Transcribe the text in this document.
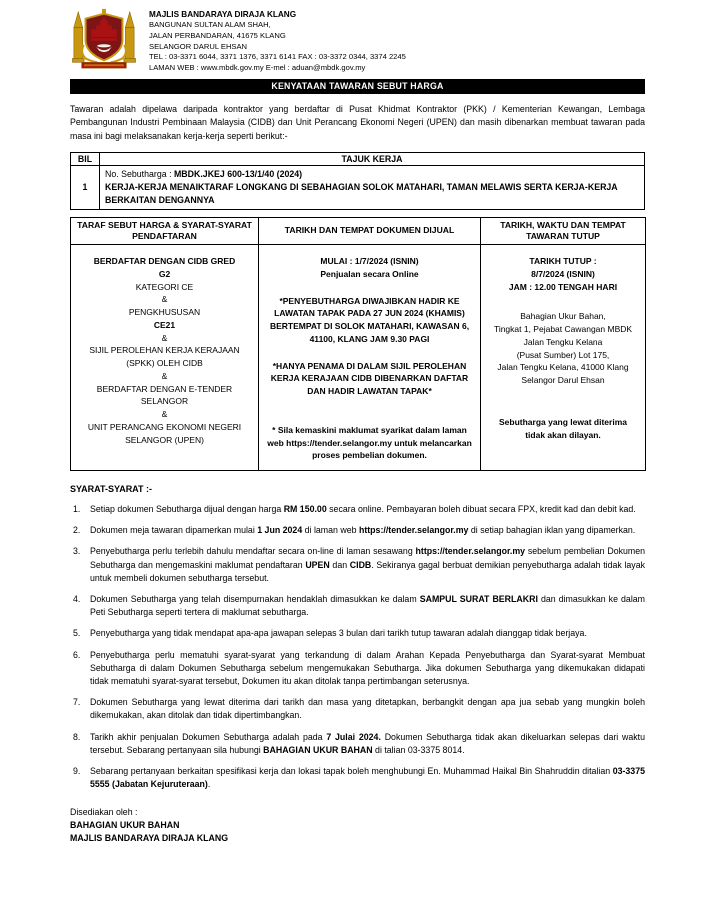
MAJLIS BANDARAYA DIRAJA KLANG
BANGUNAN SULTAN ALAM SHAH,
JALAN PERBANDARAN, 41675 KLANG
SELANGOR DARUL EHSAN
TEL : 03-3371 6044, 3371 1376, 3371 6141 FAX : 03-3372 0344, 3374 2245
LAMAN WEB : www.mbdk.gov.my E-mel : aduan@mbdk.gov.my
KENYATAAN TAWARAN SEBUT HARGA

Tawaran adalah dipelawa daripada kontraktor yang berdaftar di Pusat Khidmat Kontraktor (PKK) / Kementerian Kewangan, Lembaga Pembangunan Industri Pembinaan Malaysia (CIDB) dan Unit Perancang Ekonomi Negeri (UPEN) dan masih dibenarkan membuat tawaran pada masa ini bagi melaksanakan kerja-kerja seperti berikut:-

BIL	TAJUK KERJA
1	No. Sebutharga : MBDK.JKEJ 600-13/1/40 (2024)
KERJA-KERJA MENAIKTARAF LONGKANG DI SEBAHAGIAN SOLOK MATAHARI, TAMAN MELAWIS SERTA KERJA-KERJA BERKAITAN DENGANNYA
TARAF SEBUT HARGA & SYARAT-SYARAT PENDAFTARAN	TARIKH DAN TEMPAT DOKUMEN DIJUAL	TARIKH, WAKTU DAN TEMPAT TAWARAN TUTUP

BERDAFTAR DENGAN CIDB GRED
G2
KATEGORI CE
&
PENGKHUSUSAN
CE21
&
SIJIL PEROLEHAN KERJA KERAJAAN (SPKK) OLEH CIDB
&
BERDAFTAR DENGAN E-TENDER SELANGOR
&
UNIT PERANCANG EKONOMI NEGERI SELANGOR (UPEN)

MULAI : 1/7/2024 (ISNIN)
Penjualan secara Online
*PENYEBUTHARGA DIWAJIBKAN HADIR KE LAWATAN TAPAK PADA 27 JUN 2024 (KHAMIS) BERTEMPAT DI SOLOK MATAHARI, KAWASAN 6, 41100, KLANG JAM 9.30 PAGI
*HANYA PENAMA DI DALAM SIJIL PEROLEHAN KERJA KERAJAAN CIDB DIBENARKAN DAFTAR DAN HADIR LAWATAN TAPAK*
* Sila kemaskini maklumat syarikat dalam laman web https://tender.selangor.my untuk melancarkan proses pembelian dokumen.

TARIKH TUTUP :
8/7/2024 (ISNIN)
JAM : 12.00 TENGAH HARI
Bahagian Ukur Bahan,
Tingkat 1, Pejabat Cawangan MBDK
Jalan Tengku Kelana
(Pusat Sumber) Lot 175,
Jalan Tengku Kelana, 41000 Klang
Selangor Darul Ehsan
Sebutharga yang lewat diterima tidak akan dilayan.
SYARAT-SYARAT :-
1.	Setiap dokumen Sebutharga dijual dengan harga RM 150.00 secara online. Pembayaran boleh dibuat secara FPX, kredit kad dan debit kad.
2.	Dokumen meja tawaran dipamerkan mulai 1 Jun 2024 di laman web https://tender.selangor.my di setiap bahagian iklan yang dipamerkan.
3.	Penyebutharga perlu terlebih dahulu mendaftar secara on-line di laman sesawang https://tender.selangor.my sebelum pembelian Dokumen Sebutharga dan mengemaskini maklumat pendaftaran UPEN dan CIDB. Sekiranya gagal berbuat demikian penyebutharga adalah tidak layak untuk membeli dokumen sebutharga tersebut.
4.	Dokumen Sebutharga yang telah disempurnakan hendaklah dimasukkan ke dalam SAMPUL SURAT BERLAKRI dan dimasukkan ke dalam Peti Sebutharga seperti tertera di maklumat sebutharga.
5.	Penyebutharga yang tidak mendapat apa-apa jawapan selepas 3 bulan dari tarikh tutup tawaran adalah dianggap tidak berjaya.
6.	Penyebutharga perlu mematuhi syarat-syarat yang terkandung di dalam Arahan Kepada Penyebutharga dan Syarat-syarat Membuat Sebutharga di dalam Dokumen Sebutharga sebelum mengemukakan Sebutharga. Jika dokumen Sebutharga yang dikemukakan didapati tidak mematuhi syarat-syarat tersebut, Dokumen itu akan ditolak tanpa pertimbangan seterusnya.
7.	Dokumen Sebutharga yang lewat diterima dari tarikh dan masa yang ditetapkan, berbangkit dengan apa jua sebab yang mungkin boleh dikemukakan, akan ditolak dan tidak dipertimbangkan.
8.	Tarikh akhir penjualan Dokumen Sebutharga adalah pada 7 Julai 2024. Dokumen Sebutharga tidak akan dikeluarkan selepas dari waktu tersebut. Sebarang pertanyaan sila hubungi BAHAGIAN UKUR BAHAN di talian 03-3375 8014.
9.	Sebarang pertanyaan berkaitan spesifikasi kerja dan lokasi tapak boleh menghubungi En. Muhammad Haikal Bin Shahruddin ditalian 03-3375 5555 (Jabatan Kejuruteraan).
Disediakan oleh :
BAHAGIAN UKUR BAHAN
MAJLIS BANDARAYA DIRAJA KLANG
